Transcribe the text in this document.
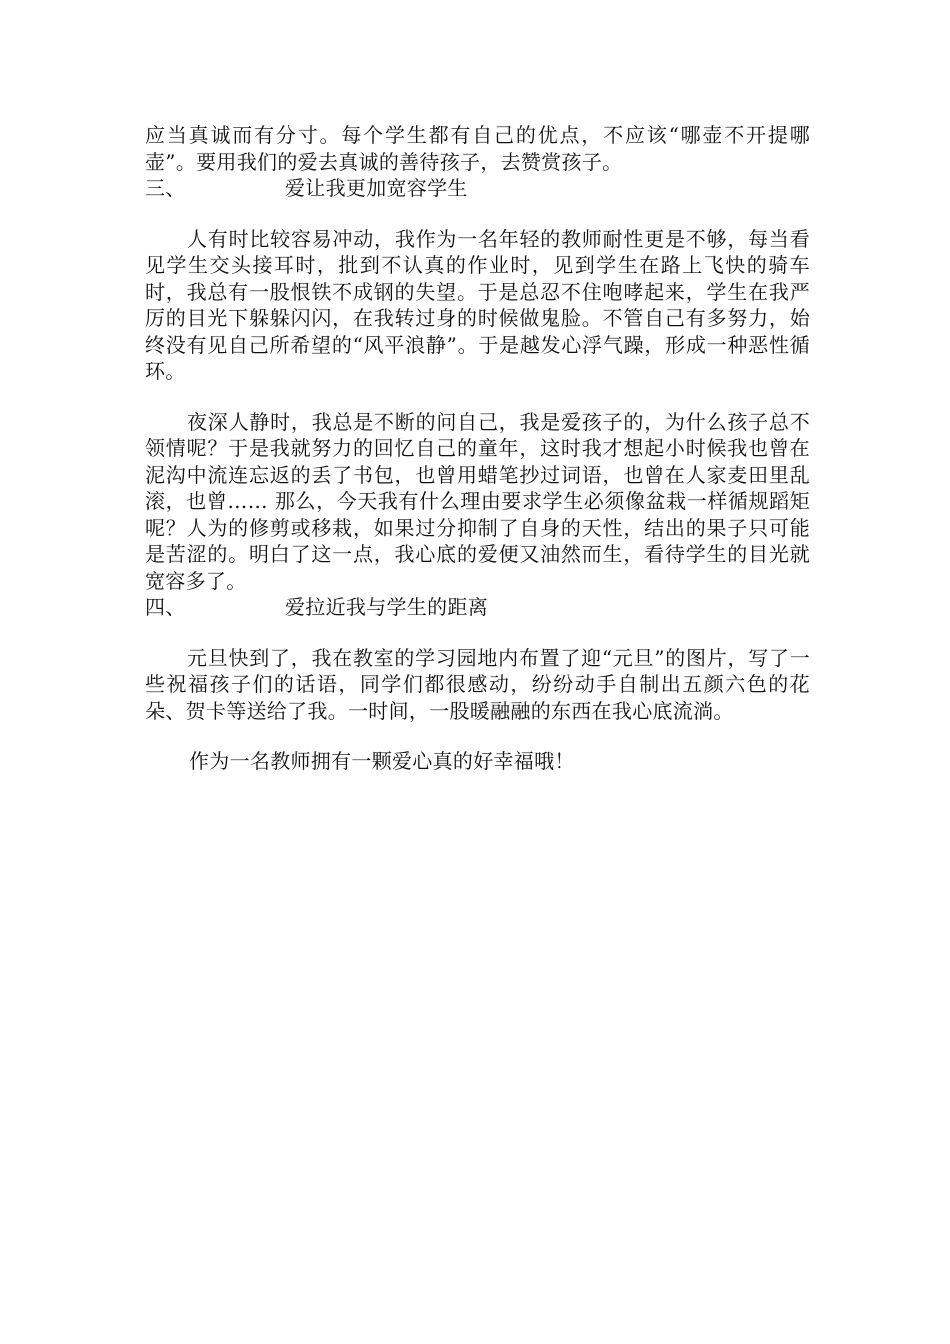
应当真诚而有分寸。每个学生都有自己的优点，不应该“哪壶不开提哪壶”。要用我们的爱去真诚的善待孩子，去赞赏孩子。

三、	爱让我更加宽容学生

人有时比较容易冲动，我作为一名年轻的教师耐性更是不够，每当看见学生交头接耳时，批到不认真的作业时，见到学生在路上飞快的骑车时，我总有一股恨铁不成钢的失望。于是总忍不住咆哮起来，学生在我严厉的目光下躲躲闪闪，在我转过身的时候做鬼脸。不管自己有多努力，始终没有见自己所希望的“风平浪静”。于是越发心浮气躁，形成一种恶性循环。

夜深人静时，我总是不断的问自己，我是爱孩子的，为什么孩子总不领情呢？于是我就努力的回忆自己的童年，这时我才想起小时候我也曾在泥沟中流连忘返的丢了书包，也曾用蜡笔抄过词语，也曾在人家麦田里乱滚，也曾…… 那么，今天我有什么理由要求学生必须像盆栽一样循规蹈矩呢？人为的修剪或移栽，如果过分抑制了自身的天性，结出的果子只可能是苦涩的。明白了这一点，我心底的爱便又油然而生，看待学生的目光就宽容多了。

四、	爱拉近我与学生的距离

元旦快到了，我在教室的学习园地内布置了迎“元旦”的图片，写了一些祝福孩子们的话语，同学们都很感动，纷纷动手自制出五颜六色的花朵、贺卡等送给了我。一时间，一股暖融融的东西在我心底流淌。

作为一名教师拥有一颗爱心真的好幸福哦！
